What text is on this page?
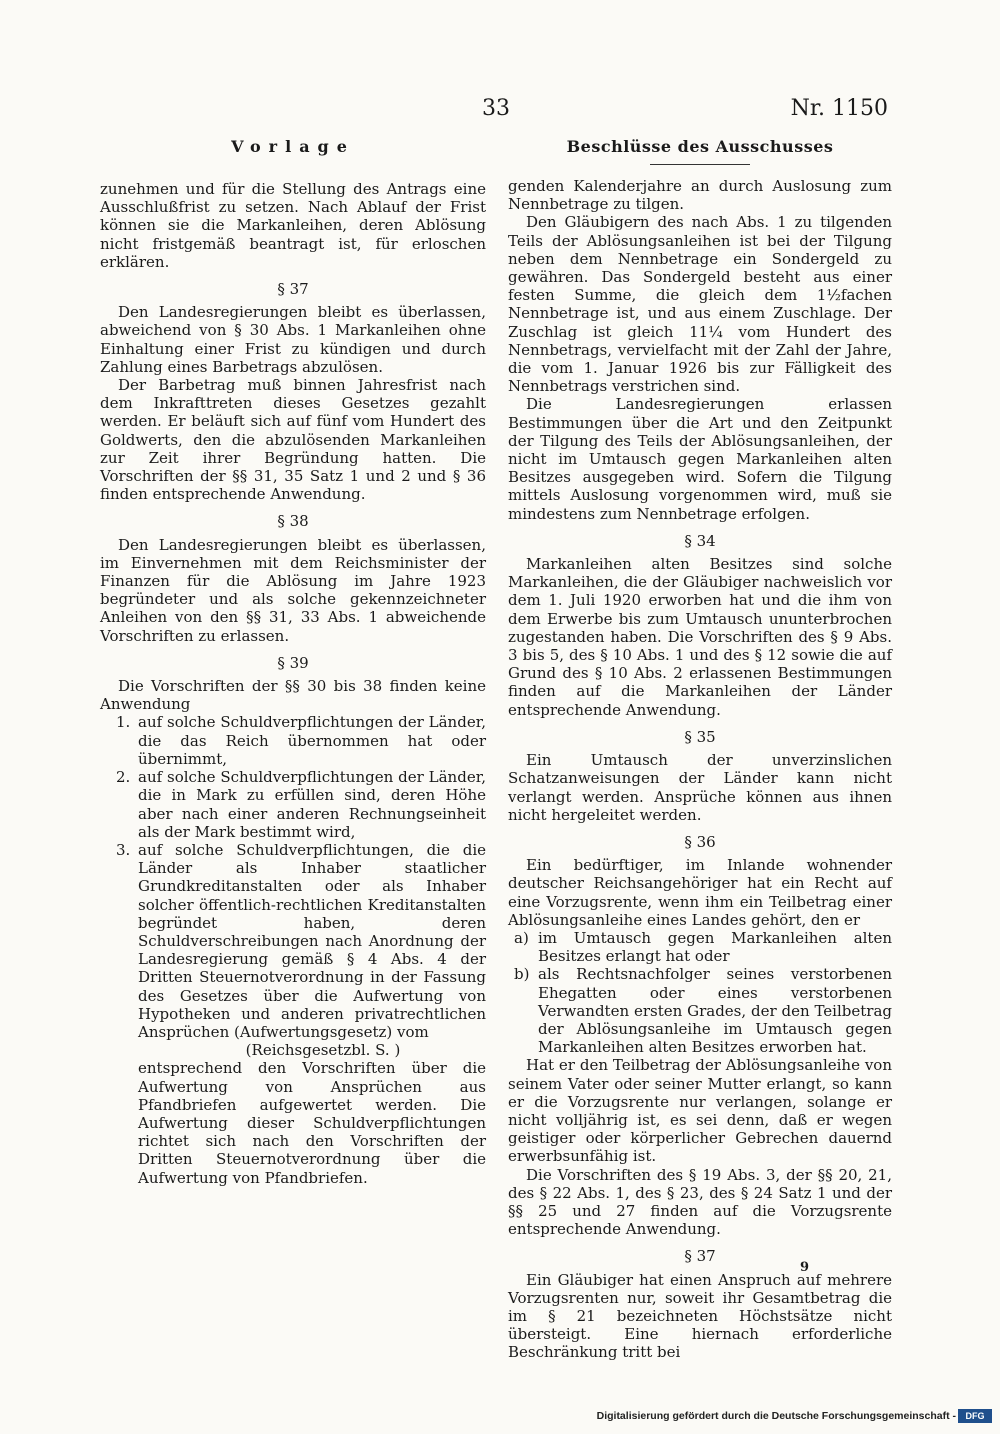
33	Nr. 1150
Vorlage

zunehmen und für die Stellung des Antrags eine Ausschlußfrist zu setzen. Nach Ablauf der Frist können sie die Markanleihen, deren Ablösung nicht fristgemäß beantragt ist, für erloschen erklären.

§ 37

Den Landesregierungen bleibt es überlassen, abweichend von § 30 Abs. 1 Markanleihen ohne Einhaltung einer Frist zu kündigen und durch Zahlung eines Barbetrags abzulösen.

Der Barbetrag muß binnen Jahresfrist nach dem Inkrafttreten dieses Gesetzes gezahlt werden. Er beläuft sich auf fünf vom Hundert des Goldwerts, den die abzulösenden Markanleihen zur Zeit ihrer Begründung hatten. Die Vorschriften der §§ 31, 35 Satz 1 und 2 und § 36 finden entsprechende Anwendung.

§ 38

Den Landesregierungen bleibt es überlassen, im Einvernehmen mit dem Reichsminister der Finanzen für die Ablösung im Jahre 1923 begründeter und als solche gekennzeichneter Anleihen von den §§ 31, 33 Abs. 1 abweichende Vorschriften zu erlassen.

§ 39

Die Vorschriften der §§ 30 bis 38 finden keine Anwendung

1. auf solche Schuldverpflichtungen der Länder, die das Reich übernommen hat oder übernimmt,
2. auf solche Schuldverpflichtungen der Länder, die in Mark zu erfüllen sind, deren Höhe aber nach einer anderen Rechnungseinheit als der Mark bestimmt wird,
3. auf solche Schuldverpflichtungen, die die Länder als Inhaber staatlicher Grundkreditanstalten oder als Inhaber solcher öffentlich-rechtlichen Kreditanstalten begründet haben, deren Schuldverschreibungen nach Anordnung der Landesregierung gemäß § 4 Abs. 4 der Dritten Steuernotverordnung in der Fassung des Gesetzes über die Aufwertung von Hypotheken und anderen privatrechtlichen Ansprüchen (Aufwertungsgesetz) vom

(Reichsgesetzbl. S. )

entsprechend den Vorschriften über die Aufwertung von Ansprüchen aus Pfandbriefen aufgewertet werden. Die Aufwertung dieser Schuldverpflichtungen richtet sich nach den Vorschriften der Dritten Steuernotverordnung über die Aufwertung von Pfandbriefen.
Beschlüsse des Ausschusses

genden Kalenderjahre an durch Auslosung zum Nennbetrage zu tilgen.

Den Gläubigern des nach Abs. 1 zu tilgenden Teils der Ablösungsanleihen ist bei der Tilgung neben dem Nennbetrage ein Sondergeld zu gewähren. Das Sondergeld besteht aus einer festen Summe, die gleich dem 1½fachen Nennbetrage ist, und aus einem Zuschlage. Der Zuschlag ist gleich 11¼ vom Hundert des Nennbetrags, vervielfacht mit der Zahl der Jahre, die vom 1. Januar 1926 bis zur Fälligkeit des Nennbetrags verstrichen sind.

Die Landesregierungen erlassen Bestimmungen über die Art und den Zeitpunkt der Tilgung des Teils der Ablösungsanleihen, der nicht im Umtausch gegen Markanleihen alten Besitzes ausgegeben wird. Sofern die Tilgung mittels Auslosung vorgenommen wird, muß sie mindestens zum Nennbetrage erfolgen.

§ 34

Markanleihen alten Besitzes sind solche Markanleihen, die der Gläubiger nachweislich vor dem 1. Juli 1920 erworben hat und die ihm von dem Erwerbe bis zum Umtausch ununterbrochen zugestanden haben. Die Vorschriften des § 9 Abs. 3 bis 5, des § 10 Abs. 1 und des § 12 sowie die auf Grund des § 10 Abs. 2 erlassenen Bestimmungen finden auf die Markanleihen der Länder entsprechende Anwendung.

§ 35

Ein Umtausch der unverzinslichen Schatzanweisungen der Länder kann nicht verlangt werden. Ansprüche können aus ihnen nicht hergeleitet werden.

§ 36

Ein bedürftiger, im Inlande wohnender deutscher Reichsangehöriger hat ein Recht auf eine Vorzugsrente, wenn ihm ein Teilbetrag einer Ablösungsanleihe eines Landes gehört, den er

a) im Umtausch gegen Markanleihen alten Besitzes erlangt hat oder
b) als Rechtsnachfolger seines verstorbenen Ehegatten oder eines verstorbenen Verwandten ersten Grades, der den Teilbetrag der Ablösungsanleihe im Umtausch gegen Markanleihen alten Besitzes erworben hat.

Hat er den Teilbetrag der Ablösungsanleihe von seinem Vater oder seiner Mutter erlangt, so kann er die Vorzugsrente nur verlangen, solange er nicht volljährig ist, es sei denn, daß er wegen geistiger oder körperlicher Gebrechen dauernd erwerbsunfähig ist.

Die Vorschriften des § 19 Abs. 3, der §§ 20, 21, des § 22 Abs. 1, des § 23, des § 24 Satz 1 und der §§ 25 und 27 finden auf die Vorzugsrente entsprechende Anwendung.

§ 37

Ein Gläubiger hat einen Anspruch auf mehrere Vorzugsrenten nur, soweit ihr Gesamtbetrag die im § 21 bezeichneten Höchstsätze nicht übersteigt. Eine hiernach erforderliche Beschränkung tritt bei

9
Digitalisierung gefördert durch die Deutsche Forschungsgemeinschaft -	DFG
